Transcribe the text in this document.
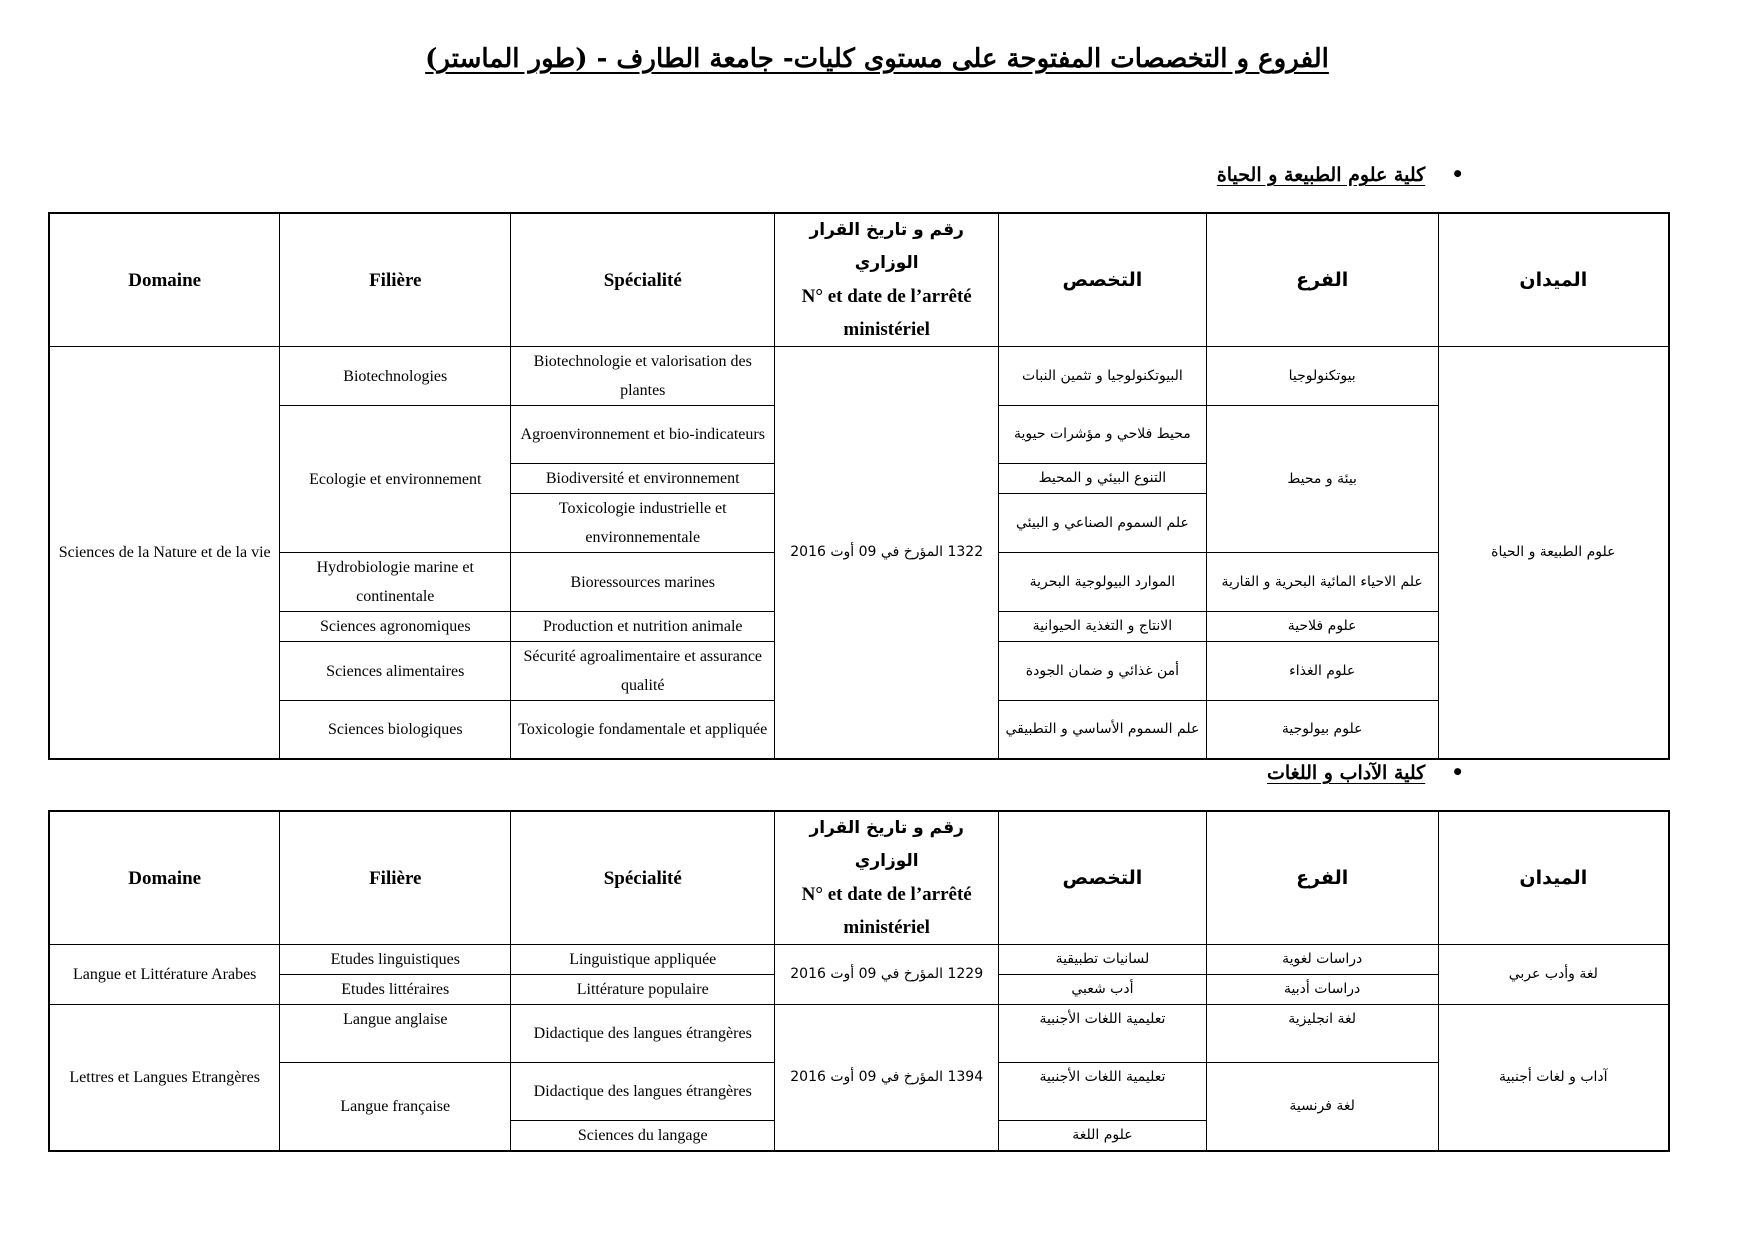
الفروع و التخصصات المفتوحة على مستوى كليات- جامعة الطارف - (طور الماستر)
•كلية علوم الطبيعة و الحياة
Domaine	Filière	Spécialité	رقم و تاريخ القرار الوزاري
N° et date de l’arrêté
ministériel	التخصص	الفرع	الميدان
Sciences de la Nature et de la vie	Biotechnologies	Biotechnologie et valorisation des plantes	1322 المؤرخ في 09 أوت 2016	البيوتكنولوجيا و تثمين النبات	بيوتكنولوجيا	علوم الطبيعة و الحياة
	Ecologie et environnement	Agroenvironnement et bio-indicateurs		محيط فلاحي و مؤشرات حيوية	بيئة و محيط	
		Biodiversité et environnement		التنوع البيئي و المحيط		
		Toxicologie industrielle et environnementale		علم السموم الصناعي و البيئي		
	Hydrobiologie marine et continentale	Bioressources marines		الموارد البيولوجية البحرية	علم الاحياء المائية البحرية و القارية	
	Sciences agronomiques	Production et nutrition animale		الانتاج و التغذية الحيوانية	علوم فلاحية	
	Sciences alimentaires	Sécurité agroalimentaire et assurance qualité		أمن غذائي و ضمان الجودة	علوم الغذاء	
	Sciences biologiques	Toxicologie fondamentale et appliquée		علم السموم الأساسي و التطبيقي	علوم بيولوجية	
•كلية الآداب و اللغات
Domaine	Filière	Spécialité	رقم و تاريخ القرار الوزاري
N° et date de l’arrêté
ministériel	التخصص	الفرع	الميدان
Langue et Littérature Arabes	Etudes linguistiques	Linguistique appliquée	1229 المؤرخ في 09 أوت 2016	لسانيات تطبيقية	دراسات لغوية	لغة وأدب عربي
	Etudes littéraires	Littérature populaire		أدب شعبي	دراسات أدبية	
Lettres et Langues Etrangères	Langue anglaise	Didactique des langues étrangères	1394 المؤرخ في 09 أوت 2016	تعليمية اللغات الأجنبية	لغة انجليزية	آداب و لغات أجنبية
	Langue française	Didactique des langues étrangères		تعليمية اللغات الأجنبية	لغة فرنسية	
		Sciences du langage		علوم اللغة		
